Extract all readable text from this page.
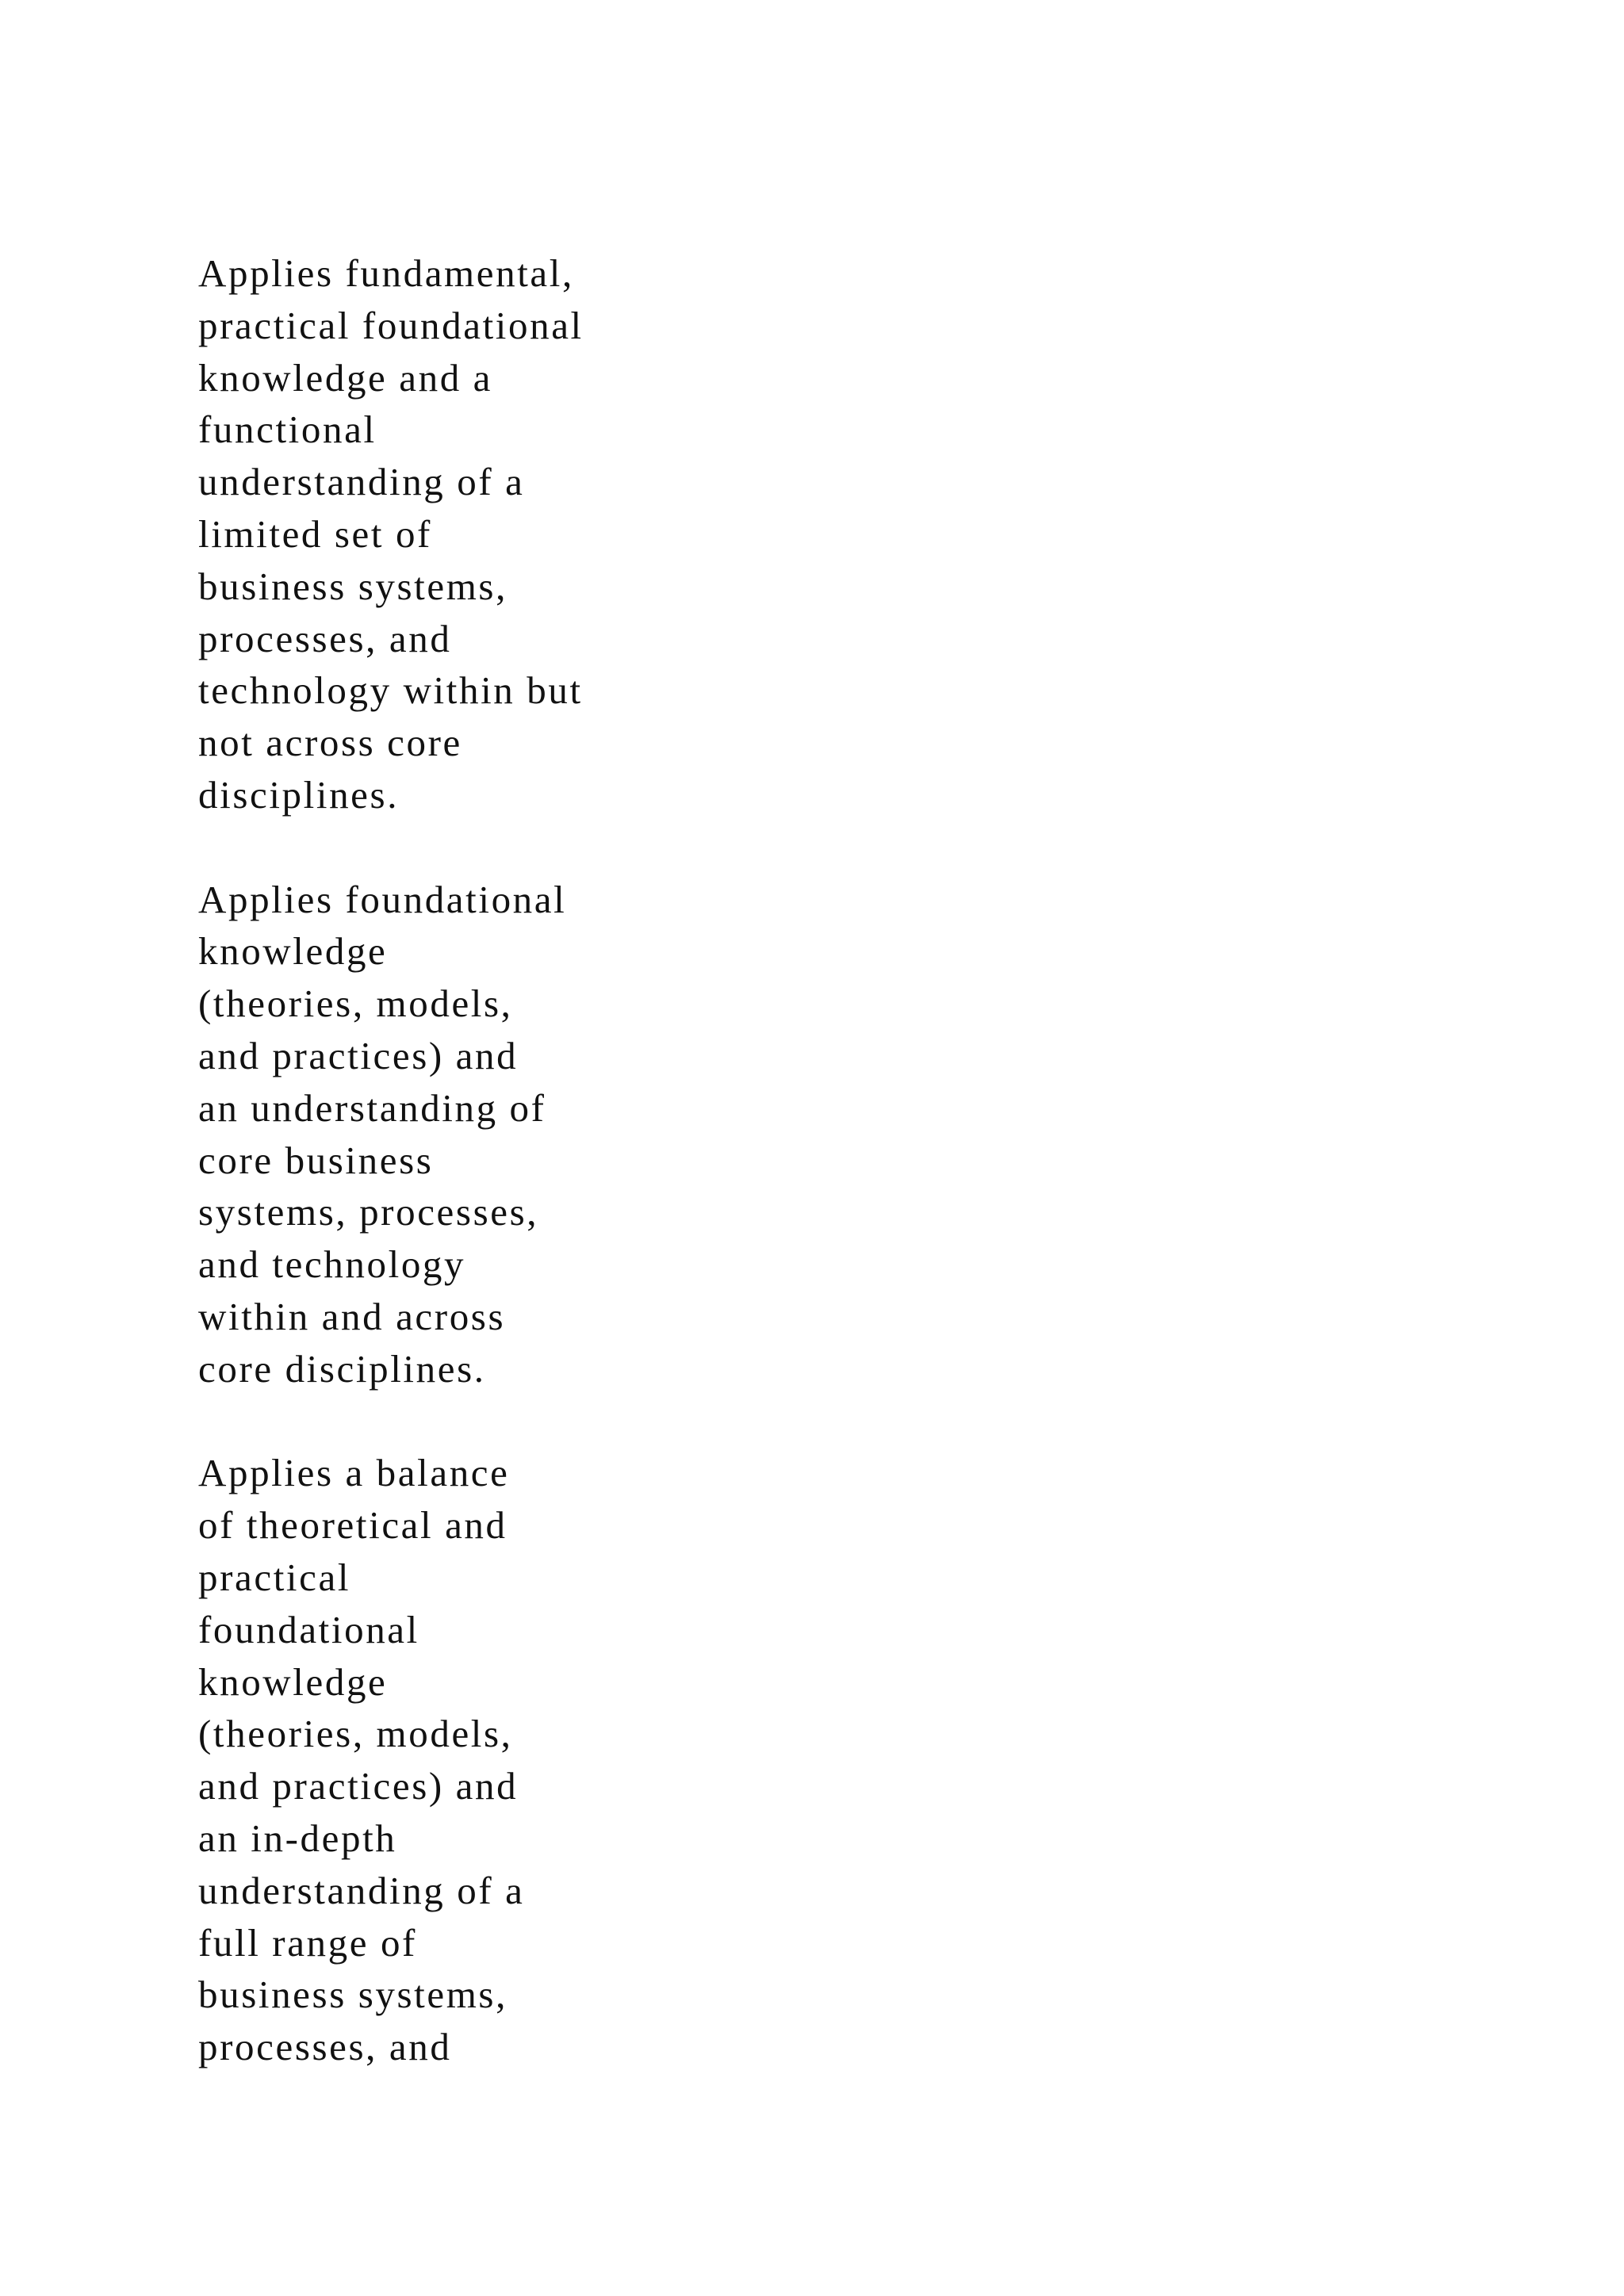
Applies fundamental,
practical foundational
knowledge and a
functional
understanding of a
limited set of
business systems,
processes, and
technology within but
not across core
disciplines.

Applies foundational
knowledge
(theories, models,
and practices) and
an understanding of
core business
systems, processes,
and technology
within and across
core disciplines.

Applies a balance
of theoretical and
practical
foundational
knowledge
(theories, models,
and practices) and
an in-depth
understanding of a
full range of
business systems,
processes, and
